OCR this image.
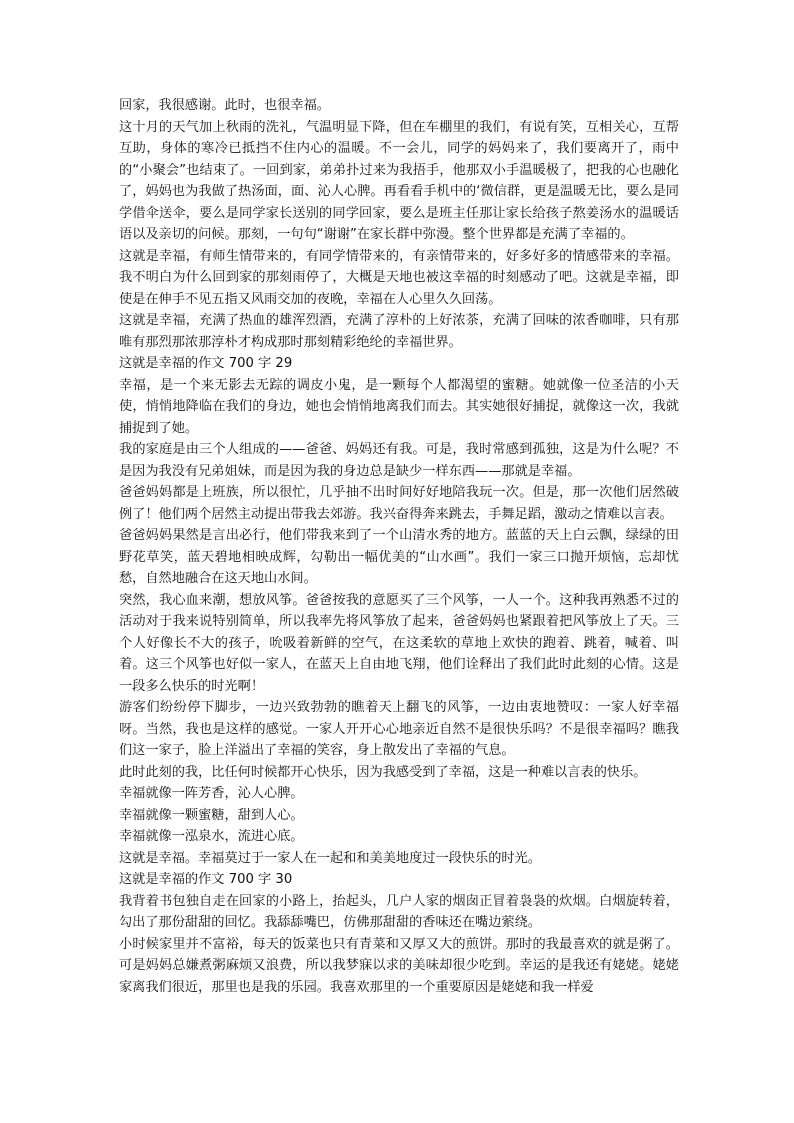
回家，我很感谢。此时，也很幸福。

这十月的天气加上秋雨的洗礼，气温明显下降，但在车棚里的我们，有说有笑，互相关心，互帮互助，身体的寒冷已抵挡不住内心的温暖。不一会儿，同学的妈妈来了，我们要离开了，雨中的“小聚会”也结束了。一回到家，弟弟扑过来为我捂手，他那双小手温暖极了，把我的心也融化了，妈妈也为我做了热汤面，面、沁人心脾。再看看手机中的‘微信群，更是温暖无比，要么是同学借伞送伞，要么是同学家长送别的同学回家，要么是班主任那让家长给孩子熬姜汤水的温暖话语以及亲切的问候。那刻，一句句“谢谢”在家长群中弥漫。整个世界都是充满了幸福的。

这就是幸福，有师生情带来的，有同学情带来的，有亲情带来的，好多好多的情感带来的幸福。我不明白为什么回到家的那刻雨停了，大概是天地也被这幸福的时刻感动了吧。这就是幸福，即使是在伸手不见五指又风雨交加的夜晚，幸福在人心里久久回荡。

这就是幸福，充满了热血的雄浑烈酒，充满了淳朴的上好浓茶，充满了回味的浓香咖啡，只有那唯有那烈那浓那淳朴才构成那时那刻精彩绝纶的幸福世界。

这就是幸福的作文 700 字 29

幸福，是一个来无影去无踪的调皮小鬼，是一颗每个人都渴望的蜜糖。她就像一位圣洁的小天使，悄悄地降临在我们的身边，她也会悄悄地离我们而去。其实她很好捕捉，就像这一次，我就捕捉到了她。

我的家庭是由三个人组成的——爸爸、妈妈还有我。可是，我时常感到孤独，这是为什么呢？不是因为我没有兄弟姐妹，而是因为我的身边总是缺少一样东西——那就是幸福。

爸爸妈妈都是上班族，所以很忙，几乎抽不出时间好好地陪我玩一次。但是，那一次他们居然破例了！他们两个居然主动提出带我去郊游。我兴奋得奔来跳去，手舞足蹈，激动之情难以言表。

爸爸妈妈果然是言出必行，他们带我来到了一个山清水秀的地方。蓝蓝的天上白云飘，绿绿的田野花草笑，蓝天碧地相映成辉，勾勒出一幅优美的“山水画”。我们一家三口抛开烦恼，忘却忧愁，自然地融合在这天地山水间。

突然，我心血来潮，想放风筝。爸爸按我的意愿买了三个风筝，一人一个。这种我再熟悉不过的活动对于我来说特别简单，所以我率先将风筝放了起来，爸爸妈妈也紧跟着把风筝放上了天。三个人好像长不大的孩子，吮吸着新鲜的空气，在这柔软的草地上欢快的跑着、跳着，喊着、叫着。这三个风筝也好似一家人，在蓝天上自由地飞翔，他们诠释出了我们此时此刻的心情。这是一段多么快乐的时光啊！

游客们纷纷停下脚步，一边兴致勃勃的瞧着天上翻飞的风筝，一边由衷地赞叹：一家人好幸福呀。当然，我也是这样的感觉。一家人开开心心地亲近自然不是很快乐吗？不是很幸福吗？瞧我们这一家子，脸上洋溢出了幸福的笑容，身上散发出了幸福的气息。

此时此刻的我，比任何时候都开心快乐，因为我感受到了幸福，这是一种难以言表的快乐。

幸福就像一阵芳香，沁人心脾。

幸福就像一颗蜜糖，甜到人心。

幸福就像一泓泉水，流进心底。

这就是幸福。幸福莫过于一家人在一起和和美美地度过一段快乐的时光。

这就是幸福的作文 700 字 30

我背着书包独自走在回家的小路上，抬起头，几户人家的烟囱正冒着袅袅的炊烟。白烟旋转着，勾出了那份甜甜的回忆。我舔舔嘴巴，仿佛那甜甜的香味还在嘴边萦绕。

小时候家里并不富裕，每天的饭菜也只有青菜和又厚又大的煎饼。那时的我最喜欢的就是粥了。可是妈妈总嫌煮粥麻烦又浪费，所以我梦寐以求的美味却很少吃到。幸运的是我还有姥姥。姥姥家离我们很近，那里也是我的乐园。我喜欢那里的一个重要原因是姥姥和我一样爱
